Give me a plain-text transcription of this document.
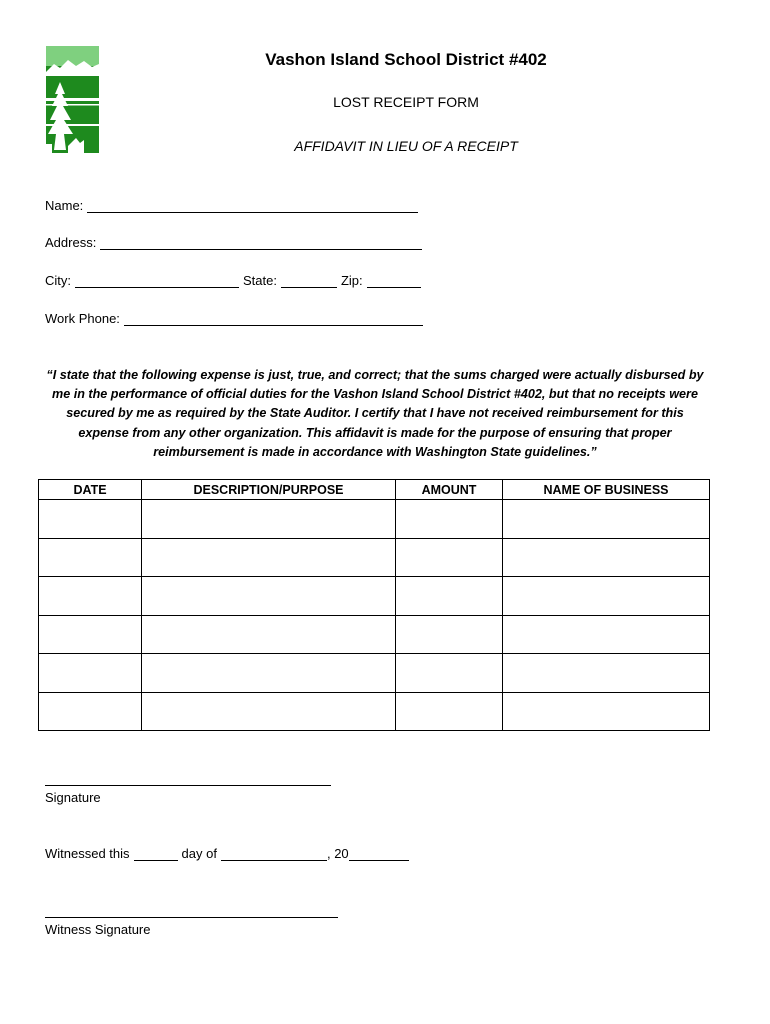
Vashon Island School District #402
LOST RECEIPT FORM
AFFIDAVIT IN LIEU OF A RECEIPT
Name:
Address:
City:	State:	Zip:
Work Phone:
“I state that the following expense is just, true, and correct; that the sums charged were actually disbursed by me in the performance of official duties for the Vashon Island School District #402, but that no receipts were secured by me as required by the State Auditor. I certify that I have not received reimbursement for this expense from any other organization. This affidavit is made for the purpose of ensuring that proper reimbursement is made in accordance with Washington State guidelines.”
DATE	DESCRIPTION/PURPOSE	AMOUNT	NAME OF BUSINESS

Signature
Witnessed this	day of	, 20
Witness Signature
